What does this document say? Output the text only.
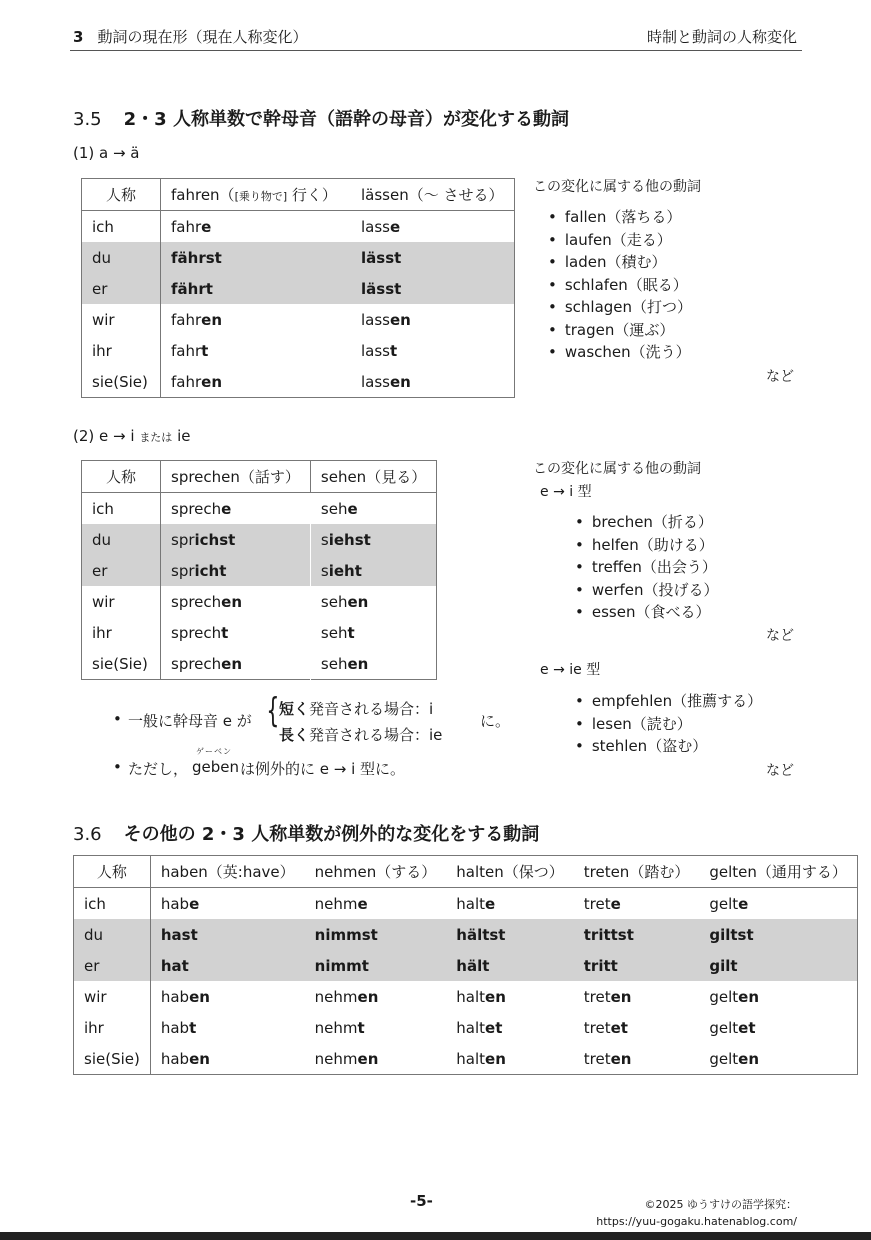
3 動詞の現在形（現在人称変化）	時制と動詞の人称変化
3.5 2・3 人称単数で幹母音（語幹の母音）が変化する動詞
(1) a → ä
人称	fahren（[乗り物で] 行く）	lässen（～ させる）
ich	fahre	lasse
du	fährst	lässt
er	fährt	lässt
wir	fahren	lassen
ihr	fahrt	lasst
sie(Sie)	fahren	lassen
この変化に属する他の動詞
• fallen（落ちる）
• laufen（走る）
• laden（積む）
• schlafen（眠る）
• schlagen（打つ）
• tragen（運ぶ）
• waschen（洗う）
など
(2) e → i または ie
人称	sprechen（話す）	sehen（見る）
ich	spreche	sehe
du	sprichst	siehst
er	spricht	sieht
wir	sprechen	sehen
ihr	sprecht	seht
sie(Sie)	sprechen	sehen
この変化に属する他の動詞
e → i 型
• brechen（折る）
• helfen（助ける）
• treffen（出会う）
• werfen（投げる）
• essen（食べる）
など
e → ie 型
• empfehlen（推薦する）
• lesen（読む）
• stehlen（盗む）
など
• 一般に幹母音 e が { 短く発音される場合：i
長く発音される場合：ie
に。
• ただし，
ゲーベン
geben は例外的に e → i 型に。
3.6 その他の 2・3 人称単数が例外的な変化をする動詞
人称	haben（英:have）	nehmen（する）	halten（保つ）	treten（踏む）	gelten（通用する）
ich	habe	nehme	halte	trete	gelte
du	hast	nimmst	hältst	trittst	giltst
er	hat	nimmt	hält	tritt	gilt
wir	haben	nehmen	halten	treten	gelten
ihr	habt	nehmt	haltet	tretet	geltet
sie(Sie)	haben	nehmen	halten	treten	gelten
-5-	©2025 ゆうすけの語学探究：
https://yuu-gogaku.hatenablog.com/
